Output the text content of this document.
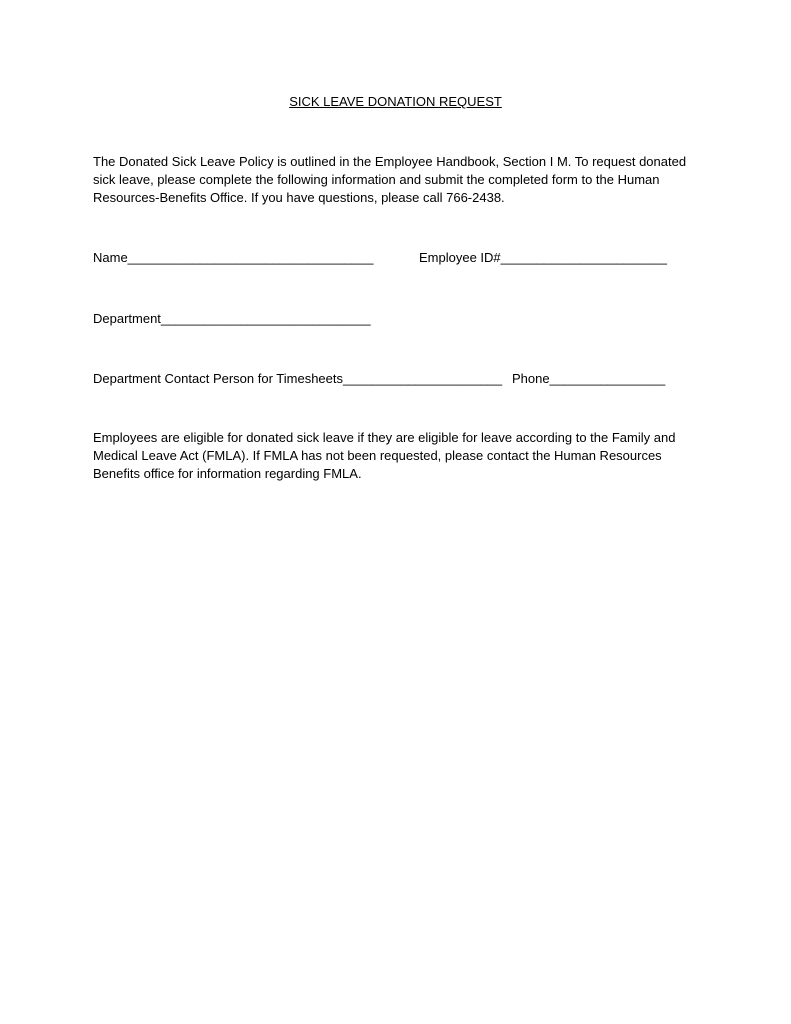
SICK LEAVE DONATION REQUEST

The Donated Sick Leave Policy is outlined in the Employee Handbook, Section I M. To request donated
sick leave, please complete the following information and submit the completed form to the Human
Resources-Benefits Office. If you have questions, please call 766-2438.

Name__________________________________	Employee ID#_______________________

Department_____________________________

Department Contact Person for Timesheets______________________ Phone________________

Employees are eligible for donated sick leave if they are eligible for leave according to the Family and
Medical Leave Act (FMLA). If FMLA has not been requested, please contact the Human Resources
Benefits office for information regarding FMLA.
